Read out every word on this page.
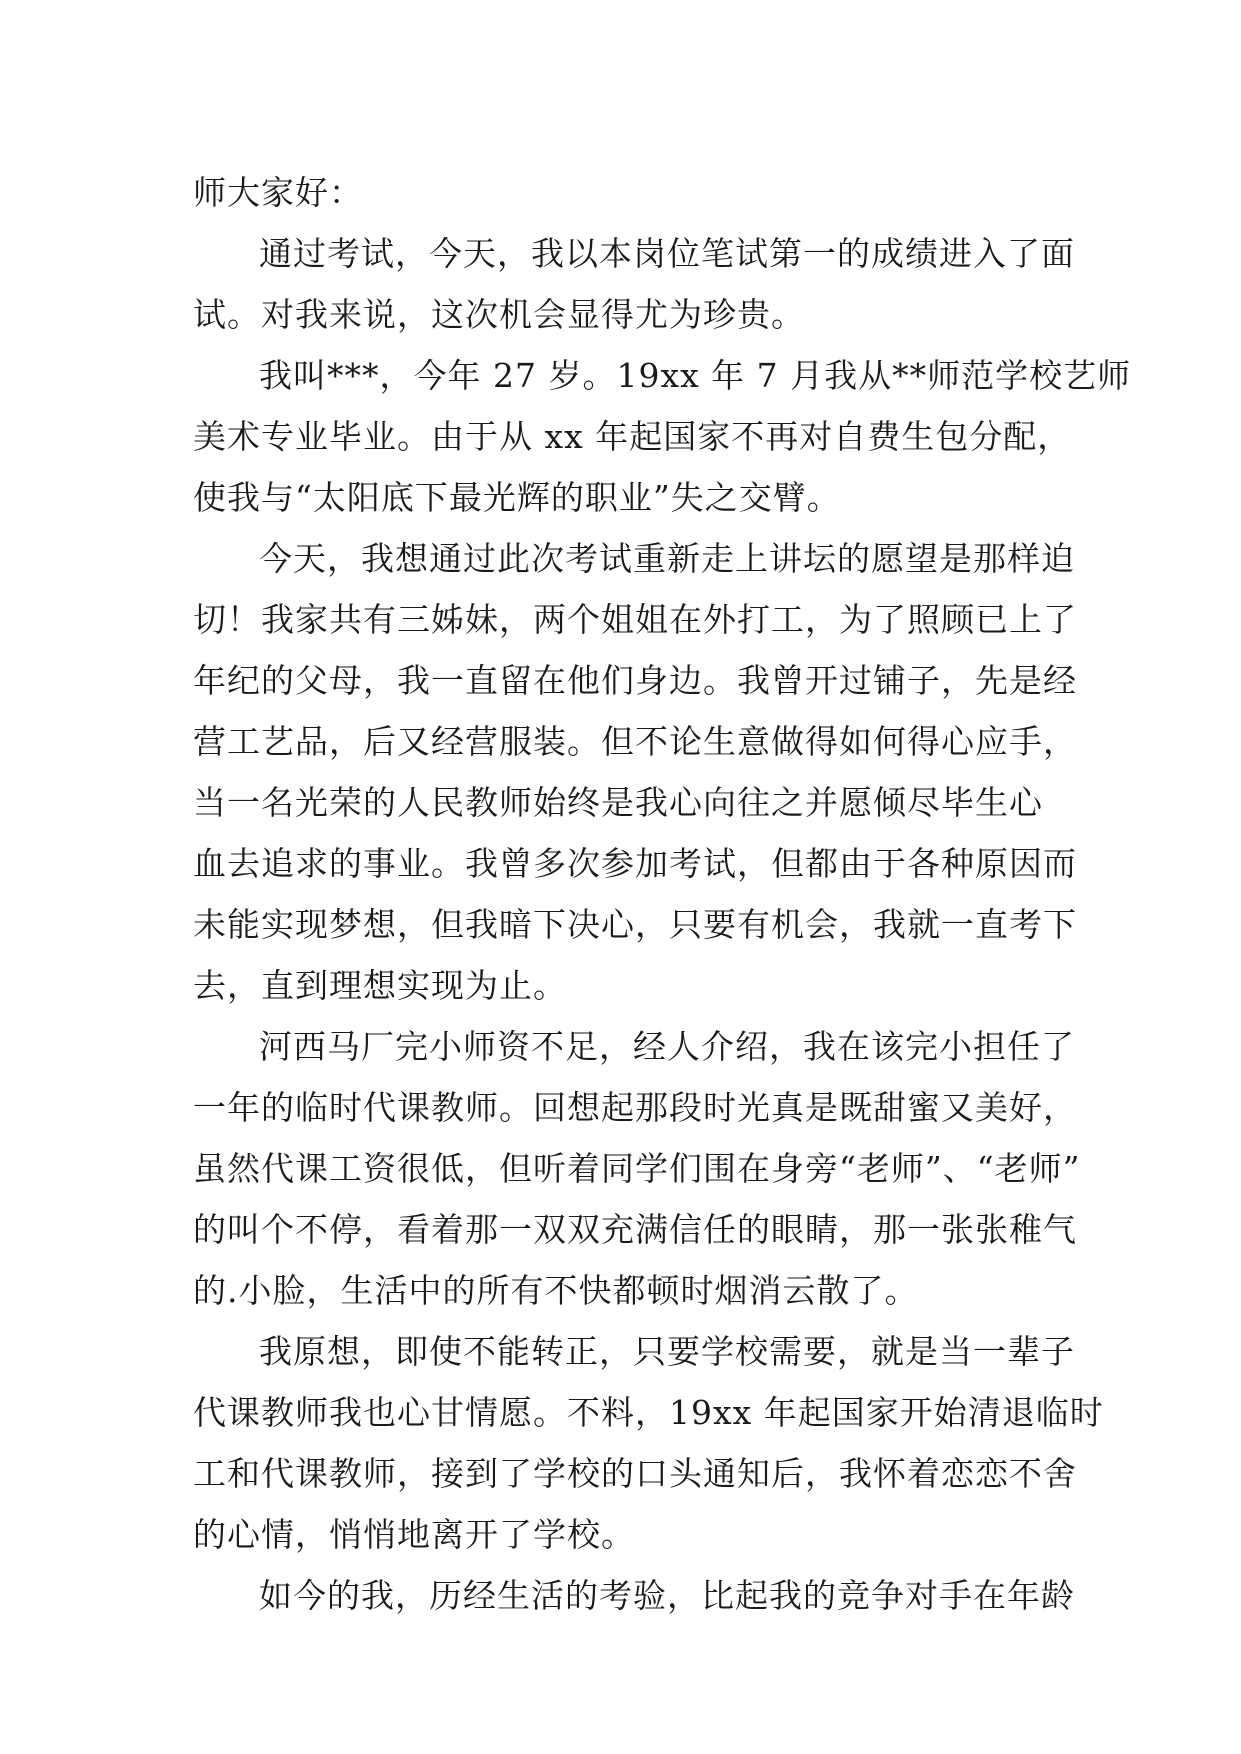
师大家好：
通过考试，今天，我以本岗位笔试第一的成绩进入了面
试。对我来说，这次机会显得尤为珍贵。
我叫***，今年 27 岁。19xx 年 7 月我从**师范学校艺师
美术专业毕业。由于从 xx 年起国家不再对自费生包分配，
使我与“太阳底下最光辉的职业”失之交臂。
今天，我想通过此次考试重新走上讲坛的愿望是那样迫
切！我家共有三姊妹，两个姐姐在外打工，为了照顾已上了
年纪的父母，我一直留在他们身边。我曾开过铺子，先是经
营工艺品，后又经营服装。但不论生意做得如何得心应手，
当一名光荣的人民教师始终是我心向往之并愿倾尽毕生心
血去追求的事业。我曾多次参加考试，但都由于各种原因而
未能实现梦想，但我暗下决心，只要有机会，我就一直考下
去，直到理想实现为止。
河西马厂完小师资不足，经人介绍，我在该完小担任了
一年的临时代课教师。回想起那段时光真是既甜蜜又美好，
虽然代课工资很低，但听着同学们围在身旁“老师”、“老师”
的叫个不停，看着那一双双充满信任的眼睛，那一张张稚气
的.小脸，生活中的所有不快都顿时烟消云散了。
我原想，即使不能转正，只要学校需要，就是当一辈子
代课教师我也心甘情愿。不料，19xx 年起国家开始清退临时
工和代课教师，接到了学校的口头通知后，我怀着恋恋不舍
的心情，悄悄地离开了学校。
如今的我，历经生活的考验，比起我的竞争对手在年龄
